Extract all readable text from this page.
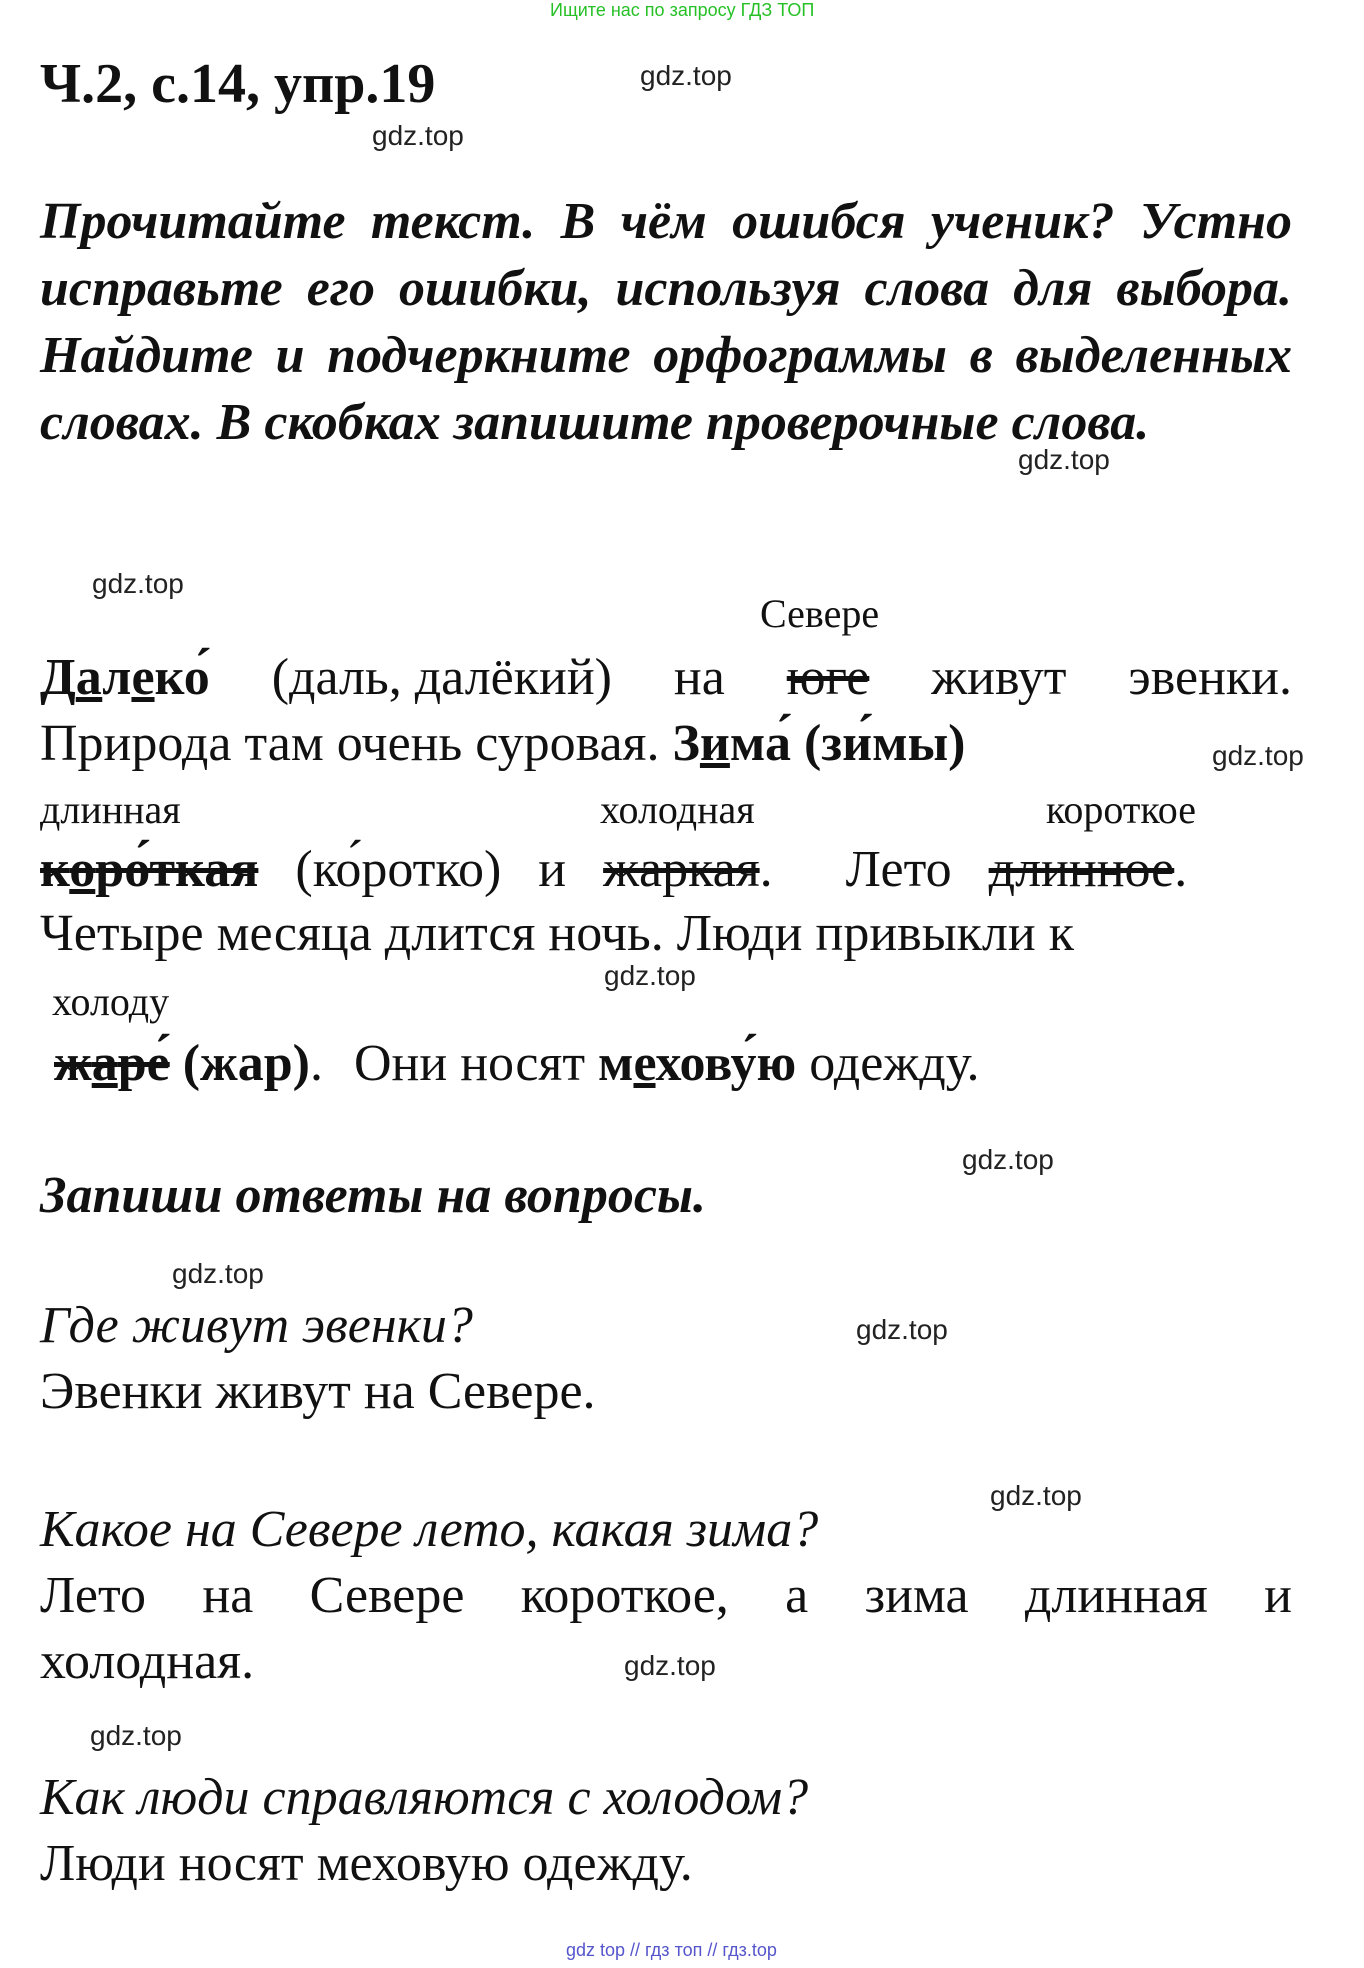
Ищите нас по запросу ГДЗ ТОП
Ч.2, с.14, упр.19	gdz.top
gdz.top
Прочитайте текст. В чём ошибся ученик? Устно исправьте его ошибки, используя слова для выбора. Найдите и подчеркните орфограммы в выделенных словах. В скобках запишите проверочные слова.
gdz.top
gdz.top
Севере
Далеко́ (даль, далёкий) на юге живут эвенки.
Природа там очень суровая. Зима́ (зи́мы)	gdz.top
длинная	холодная	короткое
коро́ткая (ко́ротко) и жаркая. Лето длинное.
Четыре месяца длится ночь. Люди привыкли к
gdz.top
холоду
жаре́ (жар). Они носят мехову́ю одежду.
gdz.top
Запиши ответы на вопросы.
gdz.top
Где живут эвенки?	gdz.top
Эвенки живут на Севере.
gdz.top
Какое на Севере лето, какая зима?
Лето на Севере короткое, а зима длинная и
холодная.	gdz.top
gdz.top
Как люди справляются с холодом?
Люди носят меховую одежду.
gdz top // гдз топ // гдз.top
